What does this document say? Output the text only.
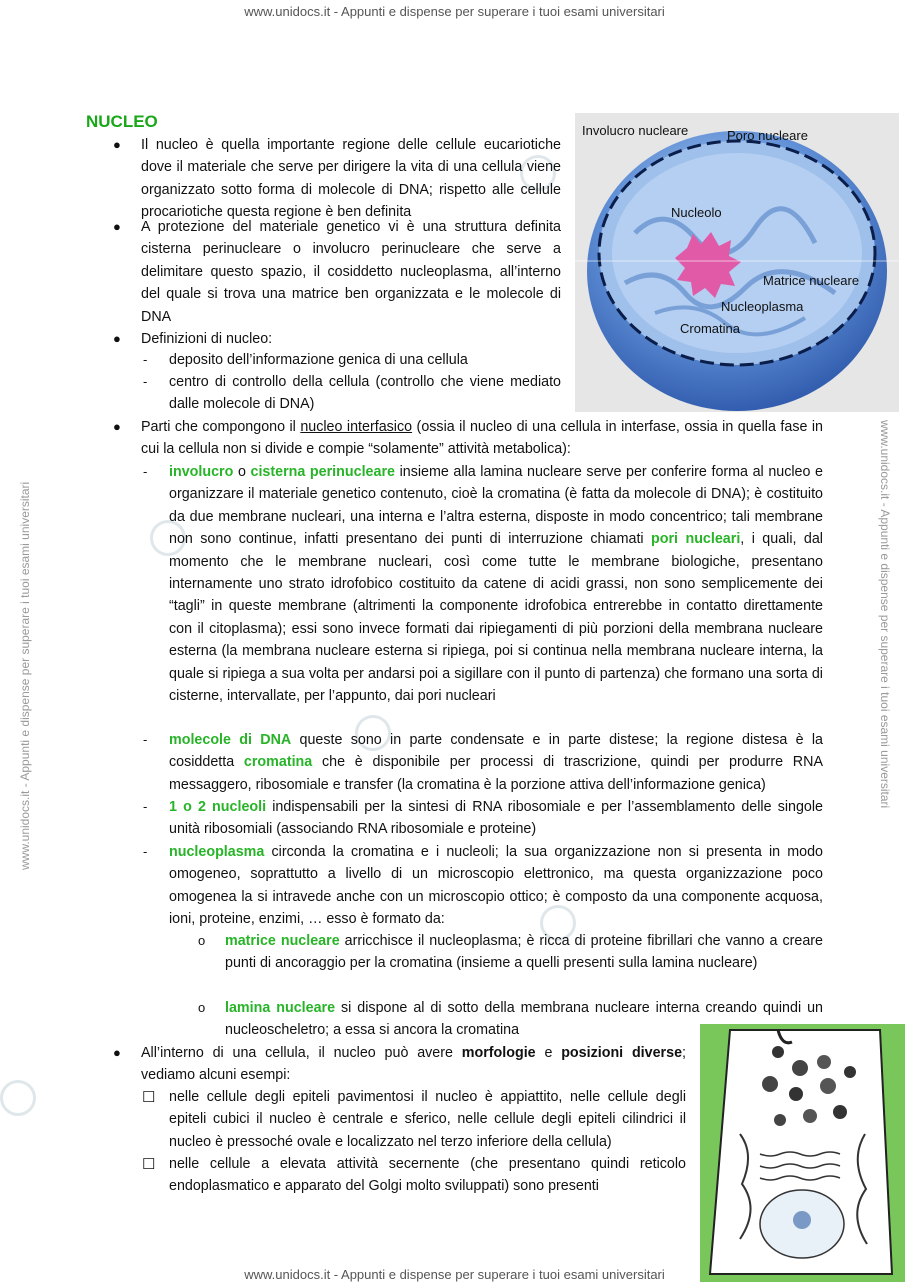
www.unidocs.it - Appunti e dispense per superare i tuoi esami universitari
www.unidocs.it - Appunti e dispense per superare i tuoi esami universitari
www.unidocs.it - Appunti e dispense per superare i tuoi esami universitari	www.unidocs.it - Appunti e dispense per superare i tuoi esami universitari
NUCLEO	Involucro nucleare	Poro nucleare
Nucleolo
Matrice nucleare
Nucleoplasma
Cromatina
● Il nucleo è quella importante regione delle cellule eucariotiche dove il materiale che serve per dirigere la vita di una cellula viene organizzato sotto forma di molecole di DNA; rispetto alle cellule procariotiche questa regione è ben definita
● A protezione del materiale genetico vi è una struttura definita cisterna perinucleare o involucro perinucleare che serve a delimitare questo spazio, il cosiddetto nucleoplasma, all’interno del quale si trova una matrice ben organizzata e le molecole di DNA
● Definizioni di nucleo:
- deposito dell’informazione genica di una cellula
- centro di controllo della cellula (controllo che viene mediato dalle molecole di DNA)
● Parti che compongono il nucleo interfasico (ossia il nucleo di una cellula in interfase, ossia in quella fase in cui la cellula non si divide e compie “solamente” attività metabolica):
- involucro o cisterna perinucleare insieme alla lamina nucleare serve per conferire forma al nucleo e organizzare il materiale genetico contenuto, cioè la cromatina (è fatta da molecole di DNA); è costituito da due membrane nucleari, una interna e l’altra esterna, disposte in modo concentrico; tali membrane non sono continue, infatti presentano dei punti di interruzione chiamati pori nucleari, i quali, dal momento che le membrane nucleari, così come tutte le membrane biologiche, presentano internamente uno strato idrofobico costituito da catene di acidi grassi, non sono semplicemente dei “tagli” in queste membrane (altrimenti la componente idrofobica entrerebbe in contatto direttamente con il citoplasma); essi sono invece formati dai ripiegamenti di più porzioni della membrana nucleare esterna (la membrana nucleare esterna si ripiega, poi si continua nella membrana nucleare interna, la quale si ripiega a sua volta per andarsi poi a sigillare con il punto di partenza) che formano una sorta di cisterne, intervallate, per l’appunto, dai pori nucleari
- molecole di DNA queste sono in parte condensate e in parte distese; la regione distesa è la cosiddetta cromatina che è disponibile per processi di trascrizione, quindi per produrre RNA messaggero, ribosomiale e transfer (la cromatina è la porzione attiva dell’informazione genica)
- 1 o 2 nucleoli indispensabili per la sintesi di RNA ribosomiale e per l’assemblamento delle singole unità ribosomiali (associando RNA ribosomiale e proteine)
- nucleoplasma circonda la cromatina e i nucleoli; la sua organizzazione non si presenta in modo omogeneo, soprattutto a livello di un microscopio elettronico, ma questa organizzazione poco omogenea la si intravede anche con un microscopio ottico; è composto da una componente acquosa, ioni, proteine, enzimi, … esso è formato da:
o matrice nucleare arricchisce il nucleoplasma; è ricca di proteine fibrillari che vanno a creare punti di ancoraggio per la cromatina (insieme a quelli presenti sulla lamina nucleare)
o lamina nucleare si dispone al di sotto della membrana nucleare interna creando quindi un nucleoscheletro; a essa si ancora la cromatina
● All’interno di una cellula, il nucleo può avere morfologie e posizioni diverse; vediamo alcuni esempi:
☐ nelle cellule degli epiteli pavimentosi il nucleo è appiattito, nelle cellule degli epiteli cubici il nucleo è centrale e sferico, nelle cellule degli epiteli cilindrici il nucleo è pressoché ovale e localizzato nel terzo inferiore della cellula)
☐ nelle cellule a elevata attività secernente (che presentano quindi reticolo endoplasmatico e apparato del Golgi molto sviluppati) sono presenti
